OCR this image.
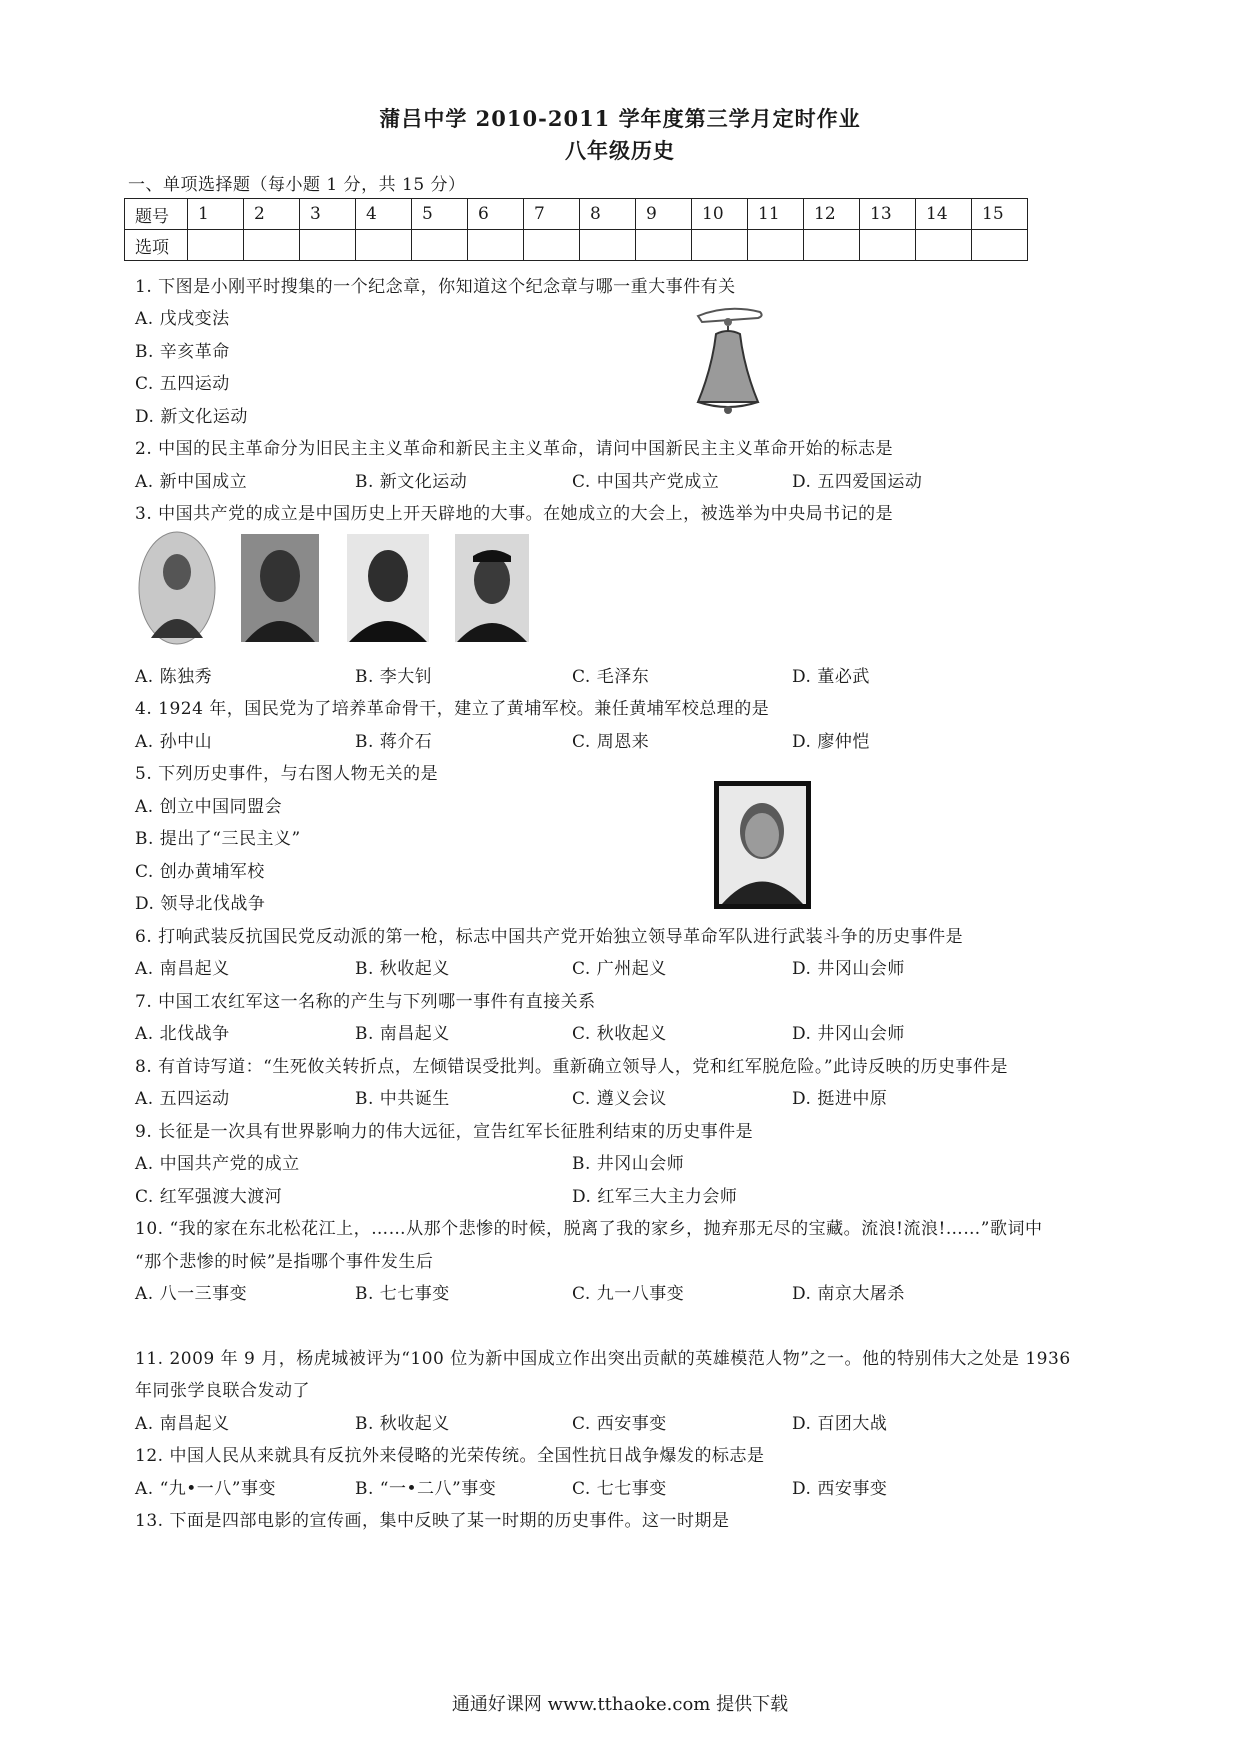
蒲吕中学 2010-2011 学年度第三学月定时作业
八年级历史
一、单项选择题（每小题 1 分，共 15 分）
题号	1	2	3	4	5	6	7	8	9	10	11	12	13	14	15
选项															
1. 下图是小刚平时搜集的一个纪念章，你知道这个纪念章与哪一重大事件有关
A. 戊戌变法
B. 辛亥革命
C. 五四运动
D. 新文化运动
2. 中国的民主革命分为旧民主主义革命和新民主主义革命，请问中国新民主主义革命开始的标志是
A. 新中国成立	B. 新文化运动	C. 中国共产党成立	D. 五四爱国运动
3. 中国共产党的成立是中国历史上开天辟地的大事。在她成立的大会上，被选举为中央局书记的是
A. 陈独秀	B. 李大钊	C. 毛泽东	D. 董必武
4. 1924 年，国民党为了培养革命骨干，建立了黄埔军校。兼任黄埔军校总理的是
A. 孙中山	B. 蒋介石	C. 周恩来	D. 廖仲恺
5. 下列历史事件，与右图人物无关的是
A. 创立中国同盟会
B. 提出了“三民主义”
C. 创办黄埔军校
D. 领导北伐战争
6. 打响武装反抗国民党反动派的第一枪，标志中国共产党开始独立领导革命军队进行武装斗争的历史事件是
A. 南昌起义	B. 秋收起义	C. 广州起义	D. 井冈山会师
7. 中国工农红军这一名称的产生与下列哪一事件有直接关系
A. 北伐战争	B. 南昌起义	C. 秋收起义	D. 井冈山会师
8. 有首诗写道：“生死攸关转折点，左倾错误受批判。重新确立领导人，党和红军脱危险。”此诗反映的历史事件是
A. 五四运动	B. 中共诞生	C. 遵义会议	D. 挺进中原
9. 长征是一次具有世界影响力的伟大远征，宣告红军长征胜利结束的历史事件是
A. 中国共产党的成立	B. 井冈山会师
C. 红军强渡大渡河	D. 红军三大主力会师
10. “我的家在东北松花江上，……从那个悲惨的时候，脱离了我的家乡，抛弃那无尽的宝藏。流浪!流浪!……”歌词中
“那个悲惨的时候”是指哪个事件发生后
A. 八一三事变	B. 七七事变	C. 九一八事变	D. 南京大屠杀
11. 2009 年 9 月，杨虎城被评为“100 位为新中国成立作出突出贡献的英雄模范人物”之一。他的特别伟大之处是 1936
年同张学良联合发动了
A. 南昌起义	B. 秋收起义	C. 西安事变	D. 百团大战
12. 中国人民从来就具有反抗外来侵略的光荣传统。全国性抗日战争爆发的标志是
A. “九•一八”事变	B. “一•二八”事变	C. 七七事变	D. 西安事变
13. 下面是四部电影的宣传画，集中反映了某一时期的历史事件。这一时期是
通通好课网 www.tthaoke.com 提供下载
